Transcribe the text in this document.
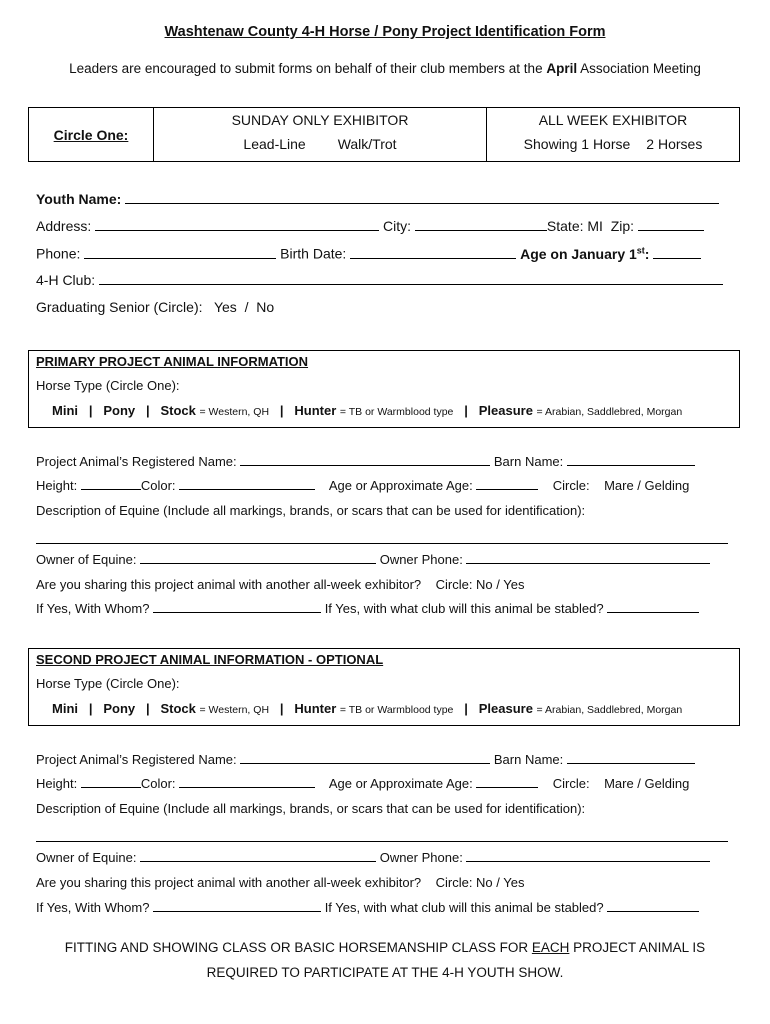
Washtenaw County 4-H Horse / Pony Project Identification Form
Leaders are encouraged to submit forms on behalf of their club members at the April Association Meeting
Circle One:	
SUNDAY ONLY EXHIBITOR
Lead-Line Walk/Trot

ALL WEEK EXHIBITOR
Showing 1 Horse 2 Horses
Youth Name:
Address:	City:	State: MI Zip:
Phone:	Birth Date:	Age on January 1st:
4-H Club:
Graduating Senior (Circle): Yes / No
PRIMARY PROJECT ANIMAL INFORMATION
Horse Type (Circle One):
Mini | Pony | Stock = Western, QH | Hunter = TB or Warmblood type | Pleasure = Arabian, Saddlebred, Morgan
Project Animal’s Registered Name:	Barn Name:
Height:	Color:	Age or Approximate Age:	Circle: Mare / Gelding
Description of Equine (Include all markings, brands, or scars that can be used for identification):
Owner of Equine:	Owner Phone:
Are you sharing this project animal with another all-week exhibitor? Circle: No / Yes
If Yes, With Whom?	If Yes, with what club will this animal be stabled?
SECOND PROJECT ANIMAL INFORMATION - OPTIONAL
Horse Type (Circle One):
Mini | Pony | Stock = Western, QH | Hunter = TB or Warmblood type | Pleasure = Arabian, Saddlebred, Morgan
Project Animal’s Registered Name:	Barn Name:
Height:	Color:	Age or Approximate Age:	Circle: Mare / Gelding
Description of Equine (Include all markings, brands, or scars that can be used for identification):
Owner of Equine:	Owner Phone:
Are you sharing this project animal with another all-week exhibitor? Circle: No / Yes
If Yes, With Whom?	If Yes, with what club will this animal be stabled?
FITTING AND SHOWING CLASS OR BASIC HORSEMANSHIP CLASS FOR EACH PROJECT ANIMAL IS
REQUIRED TO PARTICIPATE AT THE 4-H YOUTH SHOW.
